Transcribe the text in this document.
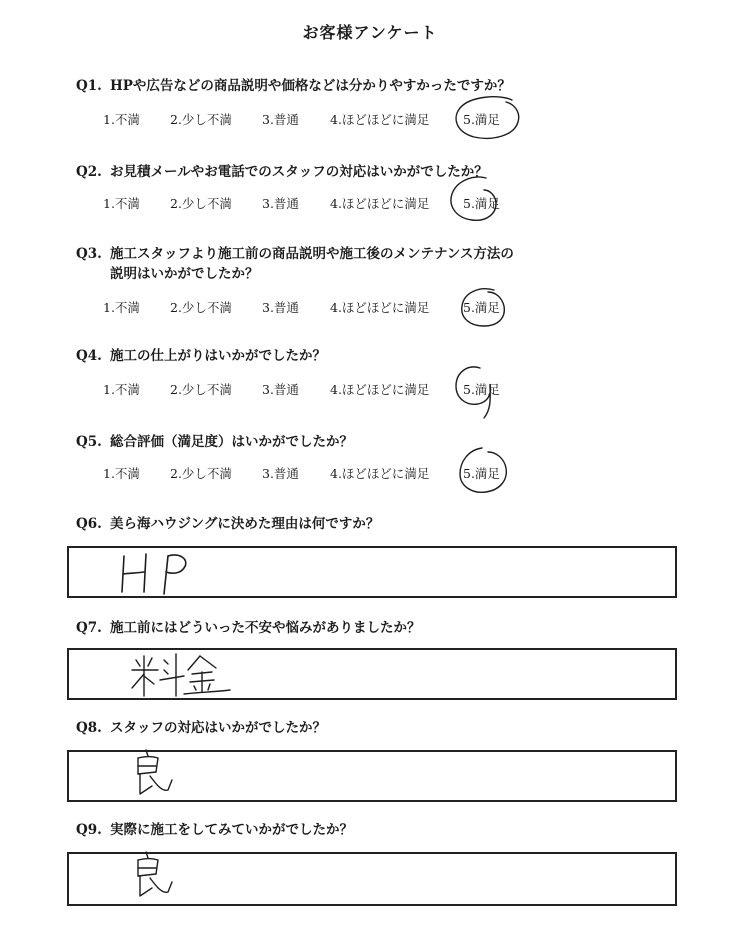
お客様アンケート
Q1. HPや広告などの商品説明や価格などは分かりやすかったですか？
1.不満 2.少し不満 3.普通 4.ほどほどに満足	5.満足
Q2. お見積メールやお電話でのスタッフの対応はいかがでしたか？
1.不満 2.少し不満 3.普通 4.ほどほどに満足	5.満足
Q3. 施工スタッフより施工前の商品説明や施工後のメンテナンス方法の
説明はいかがでしたか？
1.不満 2.少し不満 3.普通 4.ほどほどに満足	5.満足
Q4. 施工の仕上がりはいかがでしたか？
1.不満 2.少し不満 3.普通 4.ほどほどに満足	5.満足
Q5. 総合評価（満足度）はいかがでしたか？
1.不満 2.少し不満 3.普通 4.ほどほどに満足	5.満足
Q6. 美ら海ハウジングに決めた理由は何ですか？
Q7. 施工前にはどういった不安や悩みがありましたか？
Q8. スタッフの対応はいかがでしたか？
Q9. 実際に施工をしてみていかがでしたか？
